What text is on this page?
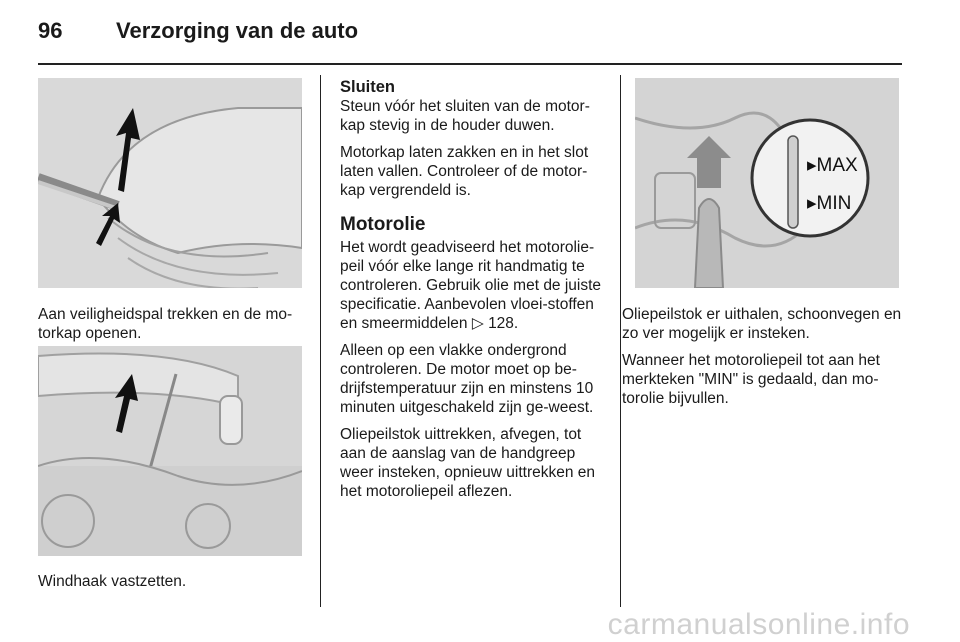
96 Verzorging van de auto
Aan veiligheidspal trekken en de mo-torkap openen.
Windhaak vastzetten.
Sluiten

Steun vóór het sluiten van de motor-kap stevig in de houder duwen.

Motorkap laten zakken en in het slot laten vallen. Controleer of de motor-kap vergrendeld is.

Motorolie

Het wordt geadviseerd het motorolie-peil vóór elke lange rit handmatig te controleren. Gebruik olie met de juiste specificatie. Aanbevolen vloei-stoffen en smeermiddelen ▷ 128.

Alleen op een vlakke ondergrond controleren. De motor moet op be-drijfstemperatuur zijn en minstens 10 minuten uitgeschakeld zijn ge-weest.

Oliepeilstok uittrekken, afvegen, tot aan de aanslag van de handgreep weer insteken, opnieuw uittrekken en het motoroliepeil aflezen.

▸MAX
▸MIN

Oliepeilstok er uithalen, schoonvegen en zo ver mogelijk er insteken.

Wanneer het motoroliepeil tot aan het merkteken "MIN" is gedaald, dan mo-torolie bijvullen.

carmanualsonline.info
